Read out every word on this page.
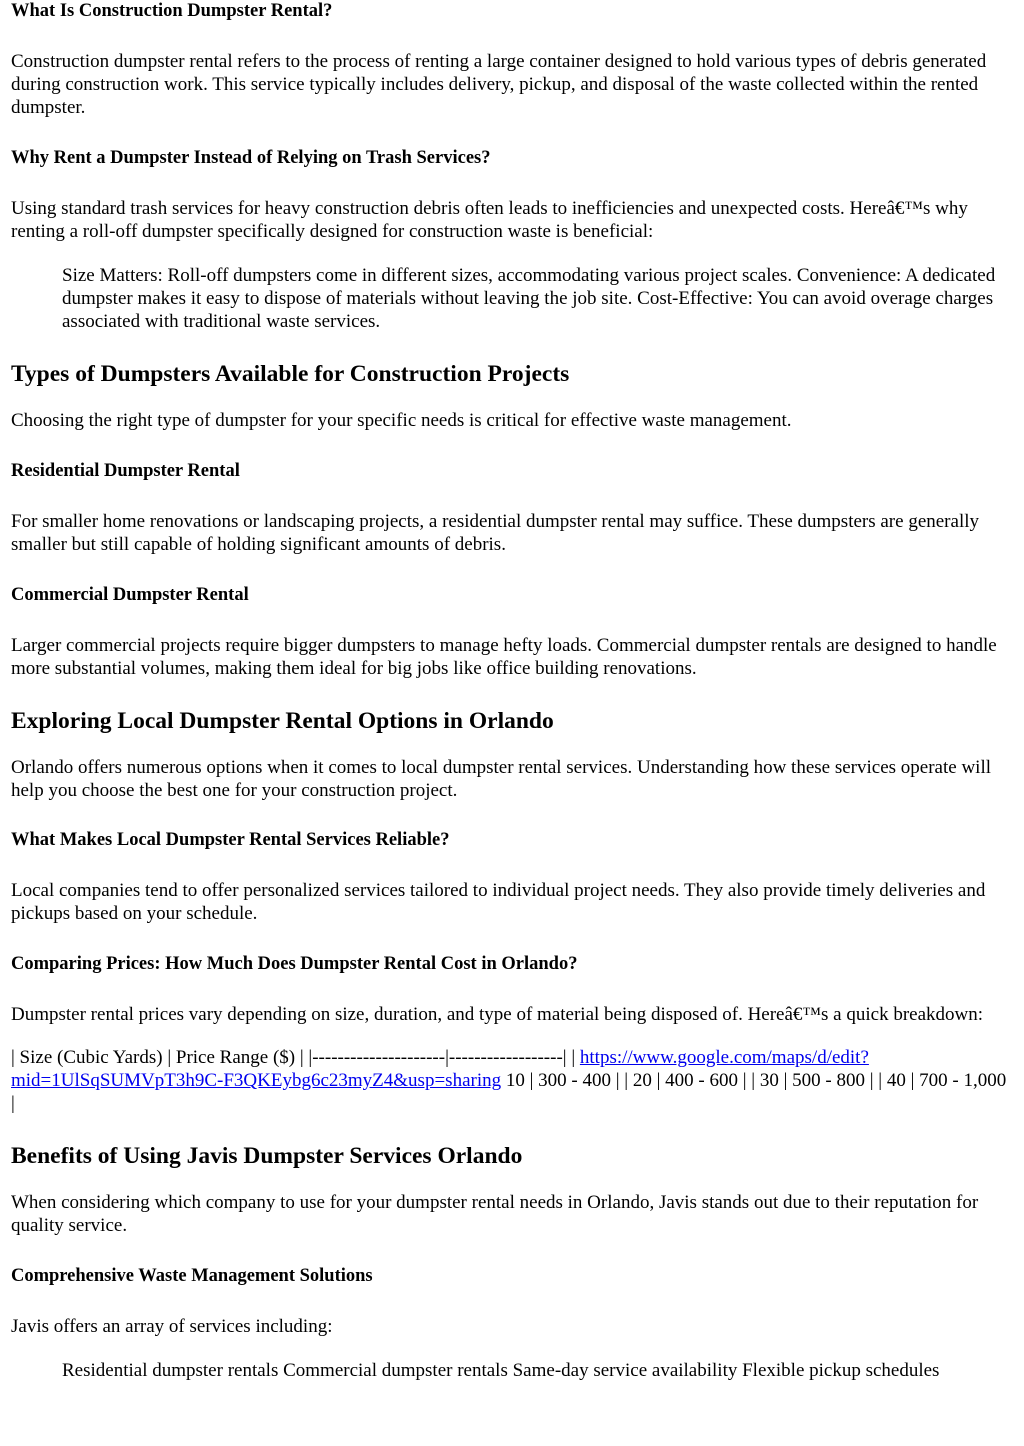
What Is Construction Dumpster Rental?
Construction dumpster rental refers to the process of renting a large container designed to hold various types of debris generated during construction work. This service typically includes delivery, pickup, and disposal of the waste collected within the rented dumpster.
Why Rent a Dumpster Instead of Relying on Trash Services?
Using standard trash services for heavy construction debris often leads to inefficiencies and unexpected costs. Hereâ€™s why renting a roll-off dumpster specifically designed for construction waste is beneficial:
Size Matters: Roll-off dumpsters come in different sizes, accommodating various project scales. Convenience: A dedicated dumpster makes it easy to dispose of materials without leaving the job site. Cost-Effective: You can avoid overage charges associated with traditional waste services.
Types of Dumpsters Available for Construction Projects
Choosing the right type of dumpster for your specific needs is critical for effective waste management.
Residential Dumpster Rental
For smaller home renovations or landscaping projects, a residential dumpster rental may suffice. These dumpsters are generally smaller but still capable of holding significant amounts of debris.
Commercial Dumpster Rental
Larger commercial projects require bigger dumpsters to manage hefty loads. Commercial dumpster rentals are designed to handle more substantial volumes, making them ideal for big jobs like office building renovations.
Exploring Local Dumpster Rental Options in Orlando
Orlando offers numerous options when it comes to local dumpster rental services. Understanding how these services operate will help you choose the best one for your construction project.
What Makes Local Dumpster Rental Services Reliable?
Local companies tend to offer personalized services tailored to individual project needs. They also provide timely deliveries and pickups based on your schedule.
Comparing Prices: How Much Does Dumpster Rental Cost in Orlando?
Dumpster rental prices vary depending on size, duration, and type of material being disposed of. Hereâ€™s a quick breakdown:
| Size (Cubic Yards) | Price Range ($) | |---------------------|------------------| | https://www.google.com/maps/d/edit?mid=1UlSqSUMVpT3h9C-F3QKEybg6c23myZ4&usp=sharing 10 | 300 - 400 | | 20 | 400 - 600 | | 30 | 500 - 800 | | 40 | 700 - 1,000 |
Benefits of Using Javis Dumpster Services Orlando
When considering which company to use for your dumpster rental needs in Orlando, Javis stands out due to their reputation for quality service.
Comprehensive Waste Management Solutions
Javis offers an array of services including:
Residential dumpster rentals Commercial dumpster rentals Same-day service availability Flexible pickup schedules
